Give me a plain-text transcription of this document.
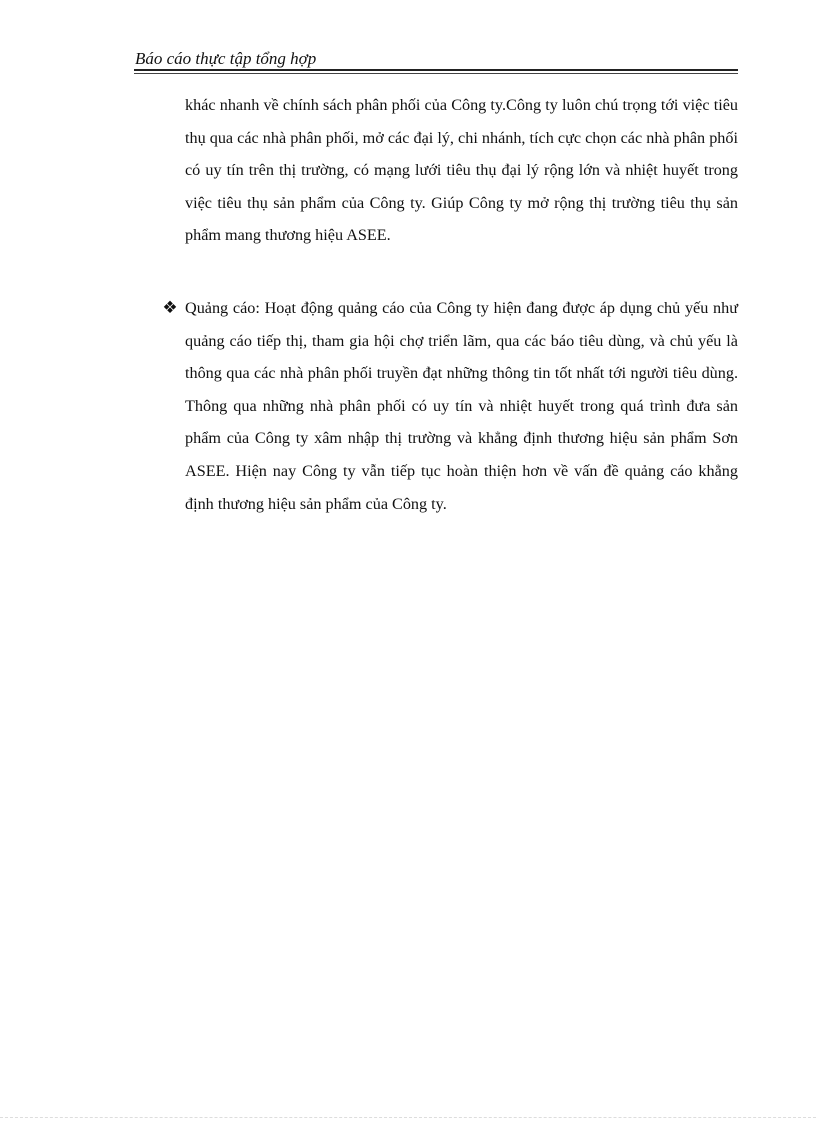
Báo cáo thực tập tổng hợp
khác nhanh về chính sách phân phối của Công ty.Công ty luôn chú trọng tới việc tiêu thụ qua các nhà phân phối, mở các đại lý, chi nhánh, tích cực chọn các nhà phân phối có uy tín trên thị trường, có mạng lưới tiêu thụ đại lý rộng lớn và nhiệt huyết trong việc tiêu thụ sản phẩm của Công ty. Giúp Công ty mở rộng thị trường tiêu thụ sản phẩm mang thương hiệu ASEE.
❖ Quảng cáo: Hoạt động quảng cáo của Công ty hiện đang được áp dụng chủ yếu như quảng cáo tiếp thị, tham gia hội chợ triển lãm, qua các báo tiêu dùng, và chủ yếu là thông qua các nhà phân phối truyền đạt những thông tin tốt nhất tới người tiêu dùng. Thông qua những nhà phân phối có uy tín và nhiệt huyết trong quá trình đưa sản phẩm của Công ty xâm nhập thị trường và khẳng định thương hiệu sản phẩm Sơn ASEE. Hiện nay Công ty vẫn tiếp tục hoàn thiện hơn về vấn đề quảng cáo khẳng định thương hiệu sản phẩm của Công ty.
